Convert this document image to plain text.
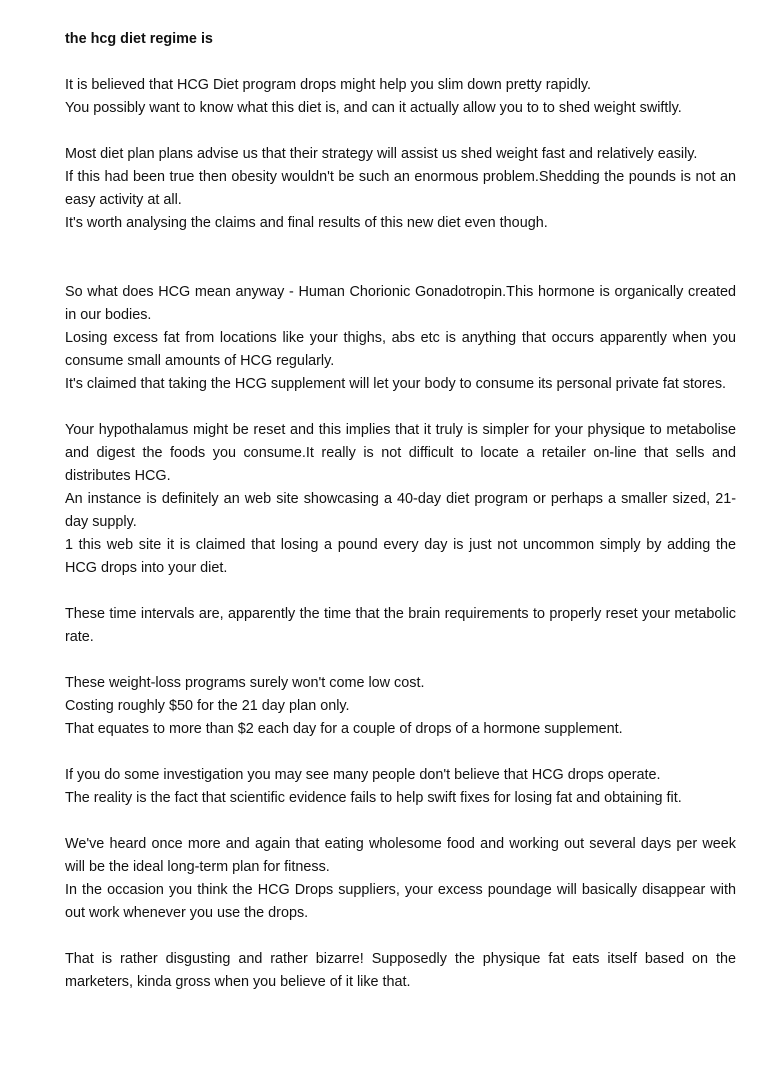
the hcg diet regime is

It is believed that HCG Diet program drops might help you slim down pretty rapidly.
You possibly want to know what this diet is, and can it actually allow you to to shed weight swiftly.
Most diet plan plans advise us that their strategy will assist us shed weight fast and relatively easily.
If this had been true then obesity wouldn't be such an enormous problem.Shedding the pounds is not an easy activity at all.
It's worth analysing the claims and final results of this new diet even though.
So what does HCG mean anyway - Human Chorionic Gonadotropin.This hormone is organically created in our bodies.
Losing excess fat from locations like your thighs, abs etc is anything that occurs apparently when you consume small amounts of HCG regularly.
It's claimed that taking the HCG supplement will let your body to consume its personal private fat stores.
Your hypothalamus might be reset and this implies that it truly is simpler for your physique to metabolise and digest the foods you consume.It really is not difficult to locate a retailer on-line that sells and distributes HCG.
An instance is definitely an web site showcasing a 40-day diet program or perhaps a smaller sized, 21-day supply.
1 this web site it is claimed that losing a pound every day is just not uncommon simply by adding the HCG drops into your diet.
These time intervals are, apparently the time that the brain requirements to properly reset your metabolic rate.
These weight-loss programs surely won't come low cost.
Costing roughly $50 for the 21 day plan only.
That equates to more than $2 each day for a couple of drops of a hormone supplement.
If you do some investigation you may see many people don't believe that HCG drops operate.
The reality is the fact that scientific evidence fails to help swift fixes for losing fat and obtaining fit.
We've heard once more and again that eating wholesome food and working out several days per week will be the ideal long-term plan for fitness.
In the occasion you think the HCG Drops suppliers, your excess poundage will basically disappear with out work whenever you use the drops.
That is rather disgusting and rather bizarre! Supposedly the physique fat eats itself based on the marketers, kinda gross when you believe of it like that.
